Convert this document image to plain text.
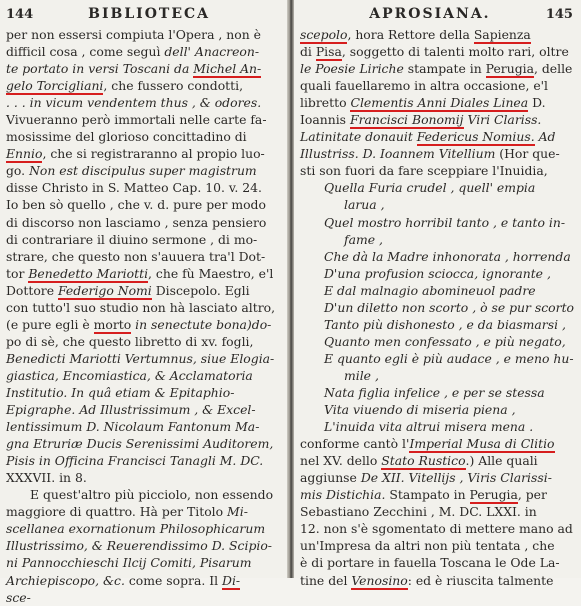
144	BIBLIOTECA
per non essersi compiuta l'Opera , non è
difficil cosa , come seguì dell' Anacreon-
te portato in versi Toscani da Michel An-
gelo Torcigliani, che fussero condotti,
. . . in vicum vendentem thus , & odores.
Vivueranno però immortali nelle carte fa-
mosissime del glorioso concittadino di
Ennio, che si registraranno al propio luo-
go. Non est discipulus super magistrum
disse Christo in S. Matteo Cap. 10. v. 24.
Io ben sò quello , che v. d. pure per modo
di discorso non lasciamo , senza pensiero
di contrariare il diuino sermone , di mo-
strare, che questo non s'auuera tra'l Dot-
tor Benedetto Mariotti, che fù Maestro, e'l
Dottore Federigo Nomi Discepolo. Egli
con tutto'l suo studio non hà lasciato altro,
(e pure egli è morto in senectute bona)do-
po di sè, che questo libretto di xv. fogli,
Benedicti Mariotti Vertumnus, siue Elogia-
giastica, Encomiastica, & Acclamatoria
Institutio. In quâ etiam & Epitaphio-
Epigraphe. Ad Illustrissimum , & Excel-
lentissimum D. Nicolaum Fantonum Ma-
gna Etruriæ Ducis Serenissimi Auditorem,
Pisis in Officina Francisci Tanagli M. DC.
XXXVII. in 8.
E quest'altro più picciolo, non essendo
maggiore di quattro. Hà per Titolo Mi-
scellanea exornationum Philosophicarum
Illustrissimo, & Reuerendissimo D. Scipio-
ni Pannocchieschi Ilcij Comiti, Pisarum
Archiepiscopo, &c. come sopra. Il Di-
sce-
APROSIANA.	145
scepolo, hora Rettore della Sapienza
di Pisa, soggetto di talenti molto rari, oltre
le Poesie Liriche stampate in Perugia, delle
quali fauellaremo in altra occasione, e'l
libretto Clementis Anni Diales Linea D.
Ioannis Francisci Bonomij Viri Clariss.
Latinitate donauit Federicus Nomius. Ad
Illustriss. D. Ioannem Vitellium (Hor que-
sti son fuori da fare sceppiare l'Inuidia,
Quella Furia crudel , quell' empia
larua ,
Quel mostro horribil tanto , e tanto in-
fame ,
Che dà la Madre inhonorata , horrenda
D'una profusion sciocca, ignorante ,
E dal malnagio abomineuol padre
D'un diletto non scorto , ò se pur scorto
Tanto più dishonesto , e da biasmarsi ,
Quanto men confessato , e più negato,
E quanto egli è più audace , e meno hu-
mile ,
Nata figlia infelice , e per se stessa
Vita viuendo di miseria piena ,
L'inuida vita altrui misera mena .
conforme cantò l'Imperial Musa di Clitio
nel XV. dello Stato Rustico.) Alle quali
aggiunse De XII. Vitellijs , Viris Clarissi-
mis Distichia. Stampato in Perugia, per
Sebastiano Zecchini , M. DC. LXXI. in
12. non s'è sgomentato di mettere mano ad
un'Impresa da altri non più tentata , che
è di portare in fauella Toscana le Ode La-
tine del Venosino: ed è riuscita talmente
